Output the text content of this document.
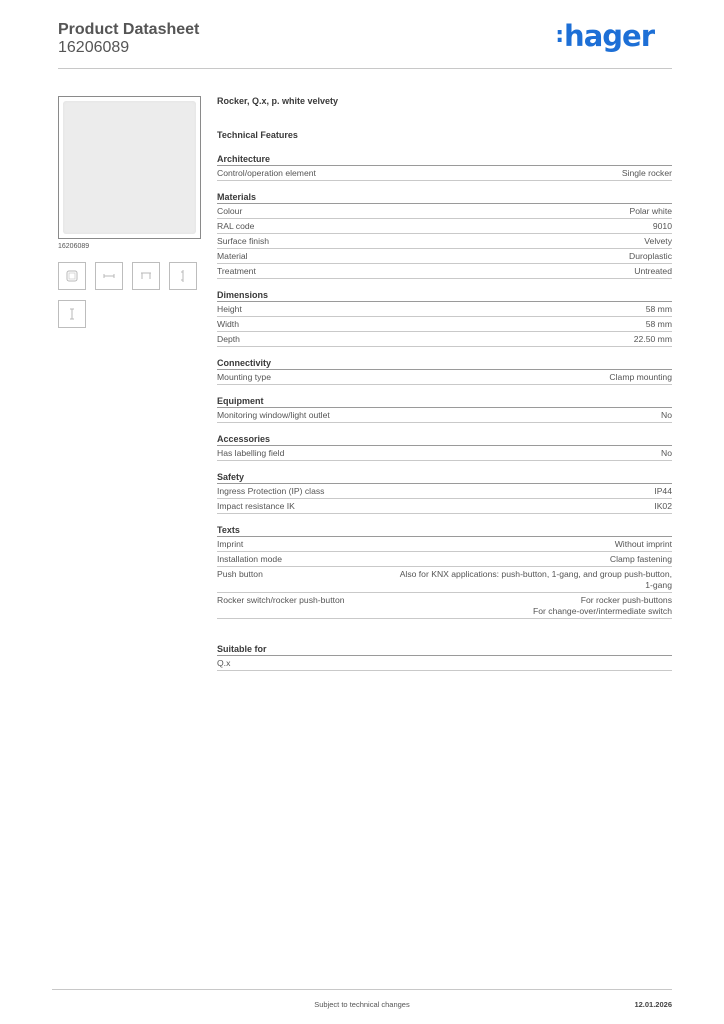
Product Datasheet
16206089	:hager
16206089
Rocker, Q.x, p. white velvety
Technical Features
Architecture
Control/operation element	Single rocker
Materials
Colour	Polar white
RAL code	9010
Surface finish	Velvety
Material	Duroplastic
Treatment	Untreated
Dimensions
Height	58 mm
Width	58 mm
Depth	22.50 mm
Connectivity
Mounting type	Clamp mounting
Equipment
Monitoring window/light outlet	No
Accessories
Has labelling field	No
Safety
Ingress Protection (IP) class	IP44
Impact resistance IK	IK02
Texts
Imprint	Without imprint
Installation mode	Clamp fastening
Push button	Also for KNX applications: push-button, 1-gang, and group push-button,
1-gang
Rocker switch/rocker push-button	For rocker push-buttons
For change-over/intermediate switch
Suitable for
Q.x
Subject to technical changes	12.01.2026
